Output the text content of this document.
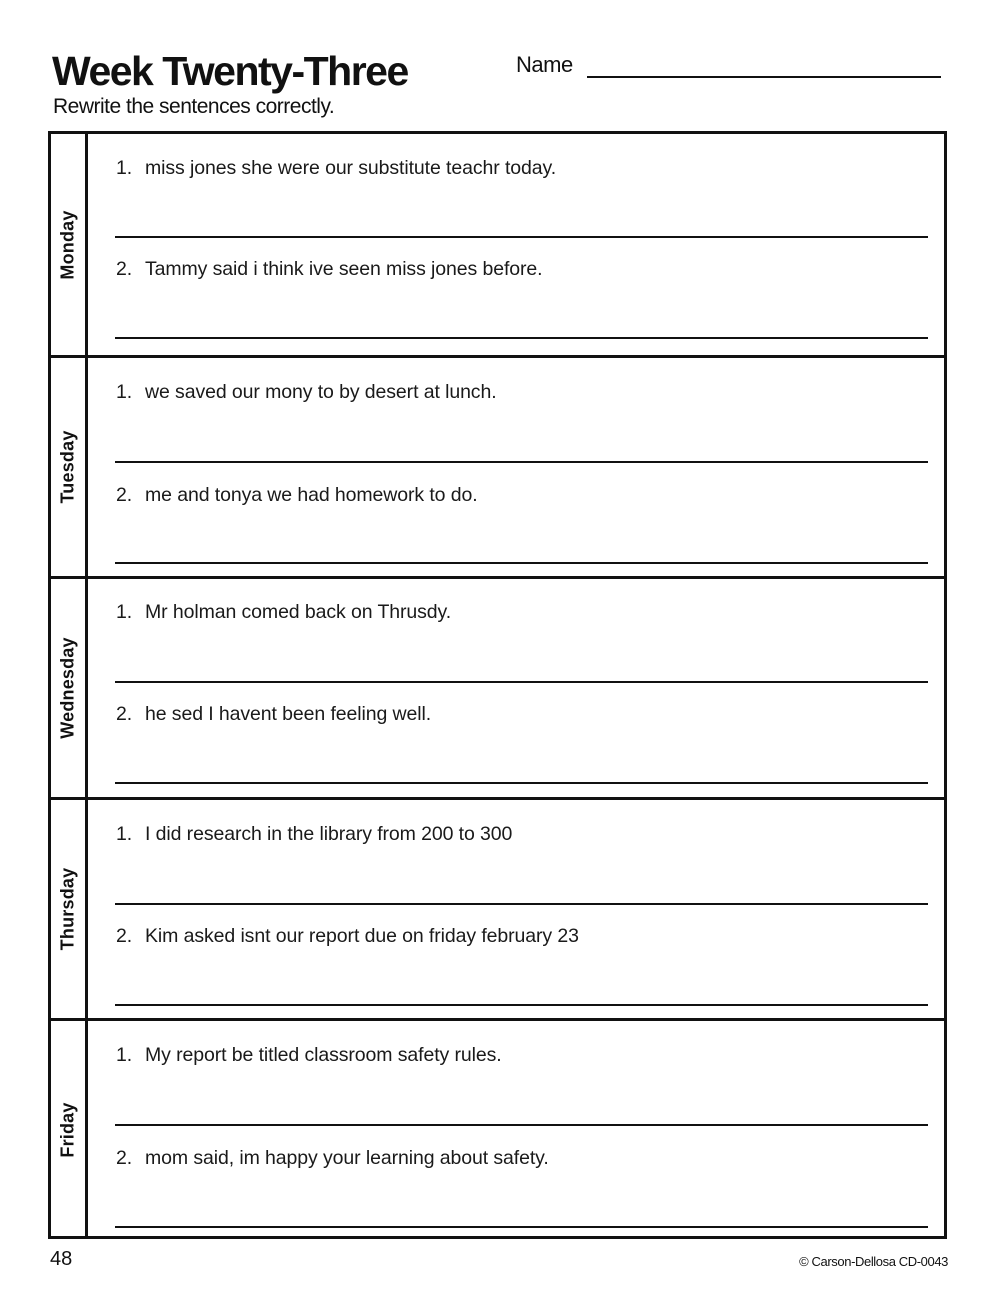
Week Twenty-Three
Rewrite the sentences correctly.
Name
Monday
1. miss jones she were our substitute teachr today.
2. Tammy said i think ive seen miss jones before.
Tuesday
1. we saved our mony to by desert at lunch.
2. me and tonya we had homework to do.
Wednesday
1. Mr holman comed back on Thrusdy.
2. he sed I havent been feeling well.
Thursday
1. I did research in the library from 200 to 300
2. Kim asked isnt our report due on friday february 23
Friday
1. My report be titled classroom safety rules.
2. mom said, im happy your learning about safety.
48	© Carson-Dellosa CD-0043
